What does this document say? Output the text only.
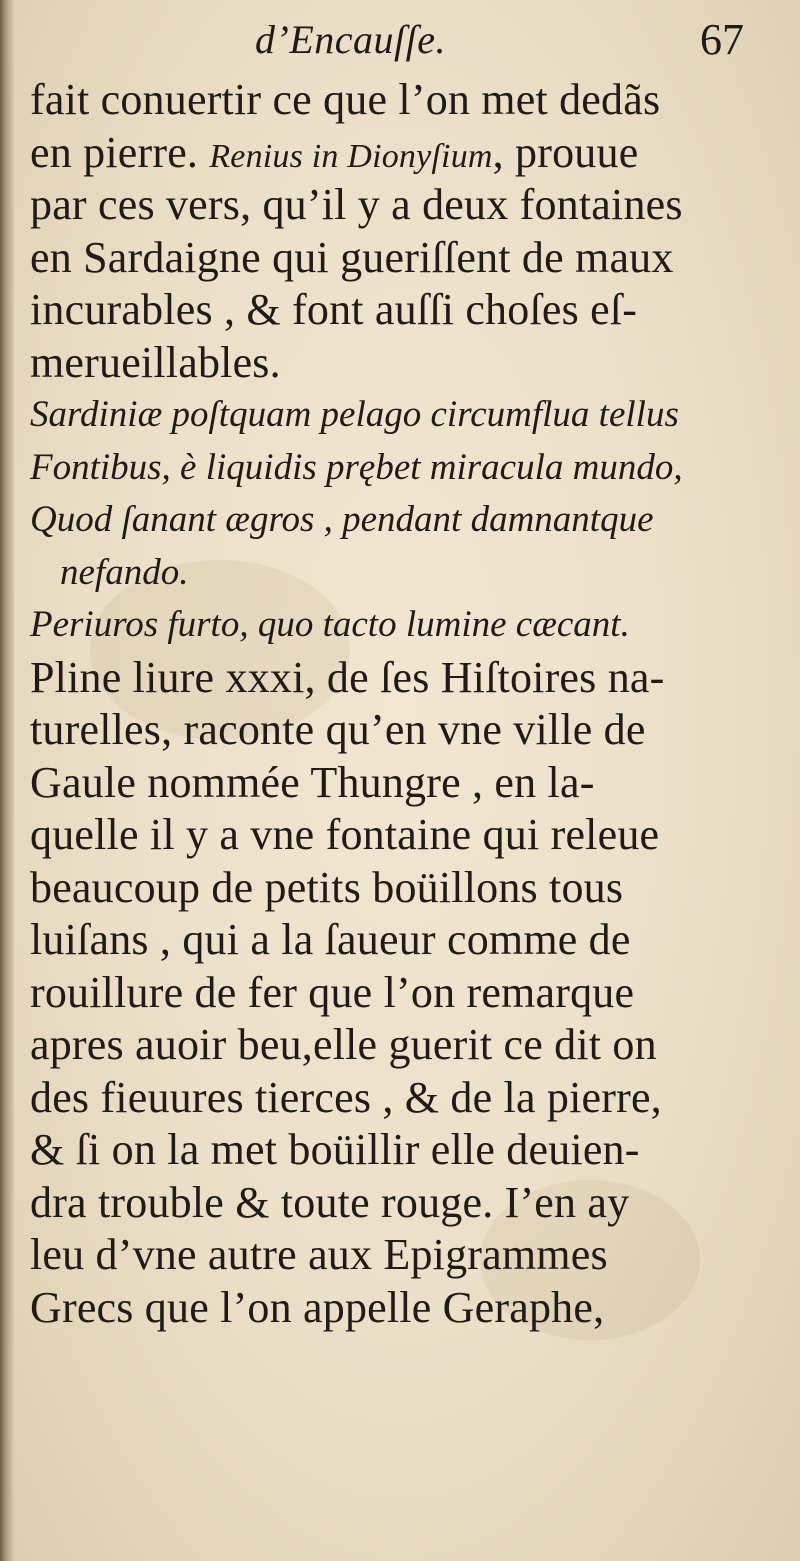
d’Encauſſe.	67
fait conuertir ce que l’on met dedãs
en pierre. Renius in Dionyſium, prouue
par ces vers, qu’il y a deux fontaines
en Sardaigne qui gueriſſent de maux
incurables , & font auſſi choſes eſ-
merueillables.
Sardiniæ poſtquam pelago circumflua tellus
Fontibus, è liquidis prębet miracula mundo,
Quod ſanant ægros , pendant damnantque
nefando.
Periuros furto, quo tacto lumine cæcant.
Pline liure xxxi, de ſes Hiſtoires na-
turelles, raconte qu’en vne ville de
Gaule nommée Thungre , en la-
quelle il y a vne fontaine qui releue
beaucoup de petits boüillons tous
luiſans , qui a la ſaueur comme de
rouillure de fer que l’on remarque
apres auoir beu,elle guerit ce dit on
des fieuures tierces , & de la pierre,
& ſi on la met boüillir elle deuien-
dra trouble & toute rouge. I’en ay
leu d’vne autre aux Epigrammes
Grecs que l’on appelle Geraphe,
